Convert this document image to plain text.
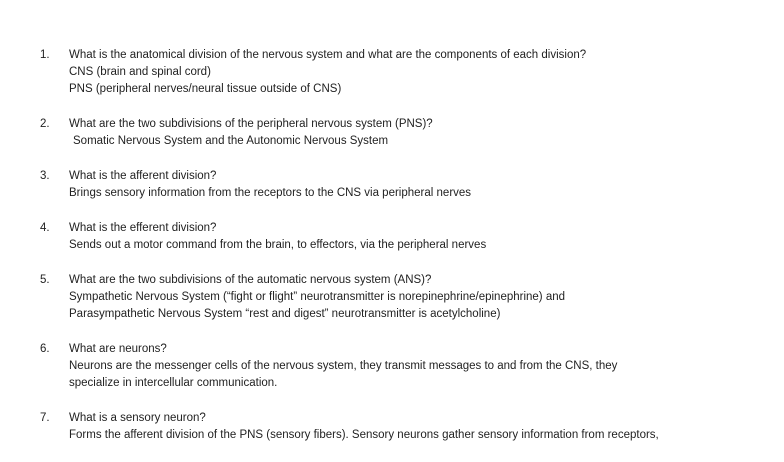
1.	What is the anatomical division of the nervous system and what are the components of each division?
CNS (brain and spinal cord)
PNS (peripheral nerves/neural tissue outside of CNS)
2.	What are the two subdivisions of the peripheral nervous system (PNS)?
Somatic Nervous System and the Autonomic Nervous System
3.	What is the afferent division?
Brings sensory information from the receptors to the CNS via peripheral nerves
4.	What is the efferent division?
Sends out a motor command from the brain, to effectors, via the peripheral nerves
5.	What are the two subdivisions of the automatic nervous system (ANS)?
Sympathetic Nervous System (“fight or flight” neurotransmitter is norepinephrine/epinephrine) and
Parasympathetic Nervous System “rest and digest” neurotransmitter is acetylcholine)
6.	What are neurons?
Neurons are the messenger cells of the nervous system, they transmit messages to and from the CNS, they
specialize in intercellular communication.
7.	What is a sensory neuron?
Forms the afferent division of the PNS (sensory fibers). Sensory neurons gather sensory information from receptors,
